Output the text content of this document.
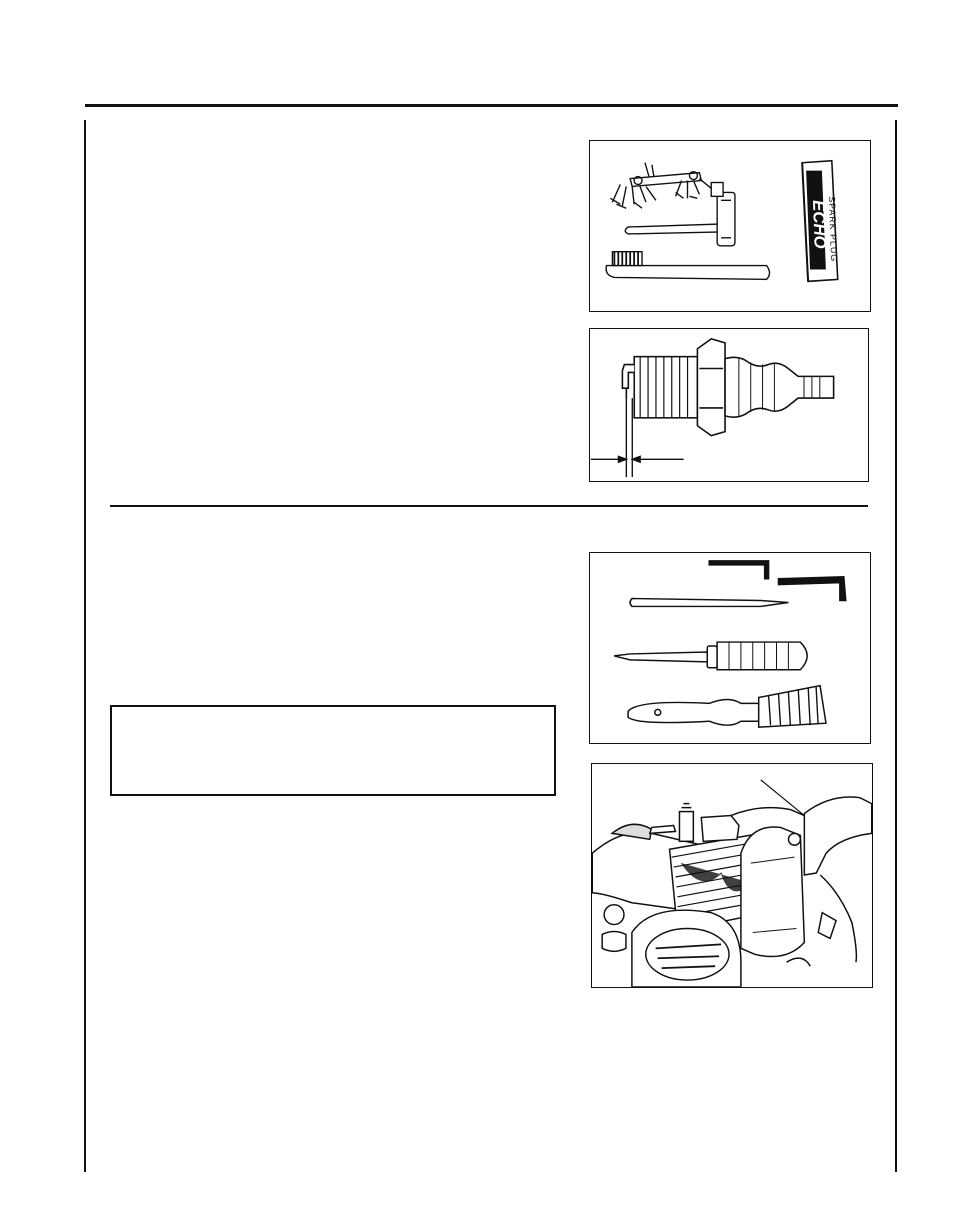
ECHO
SPARK PLUG
